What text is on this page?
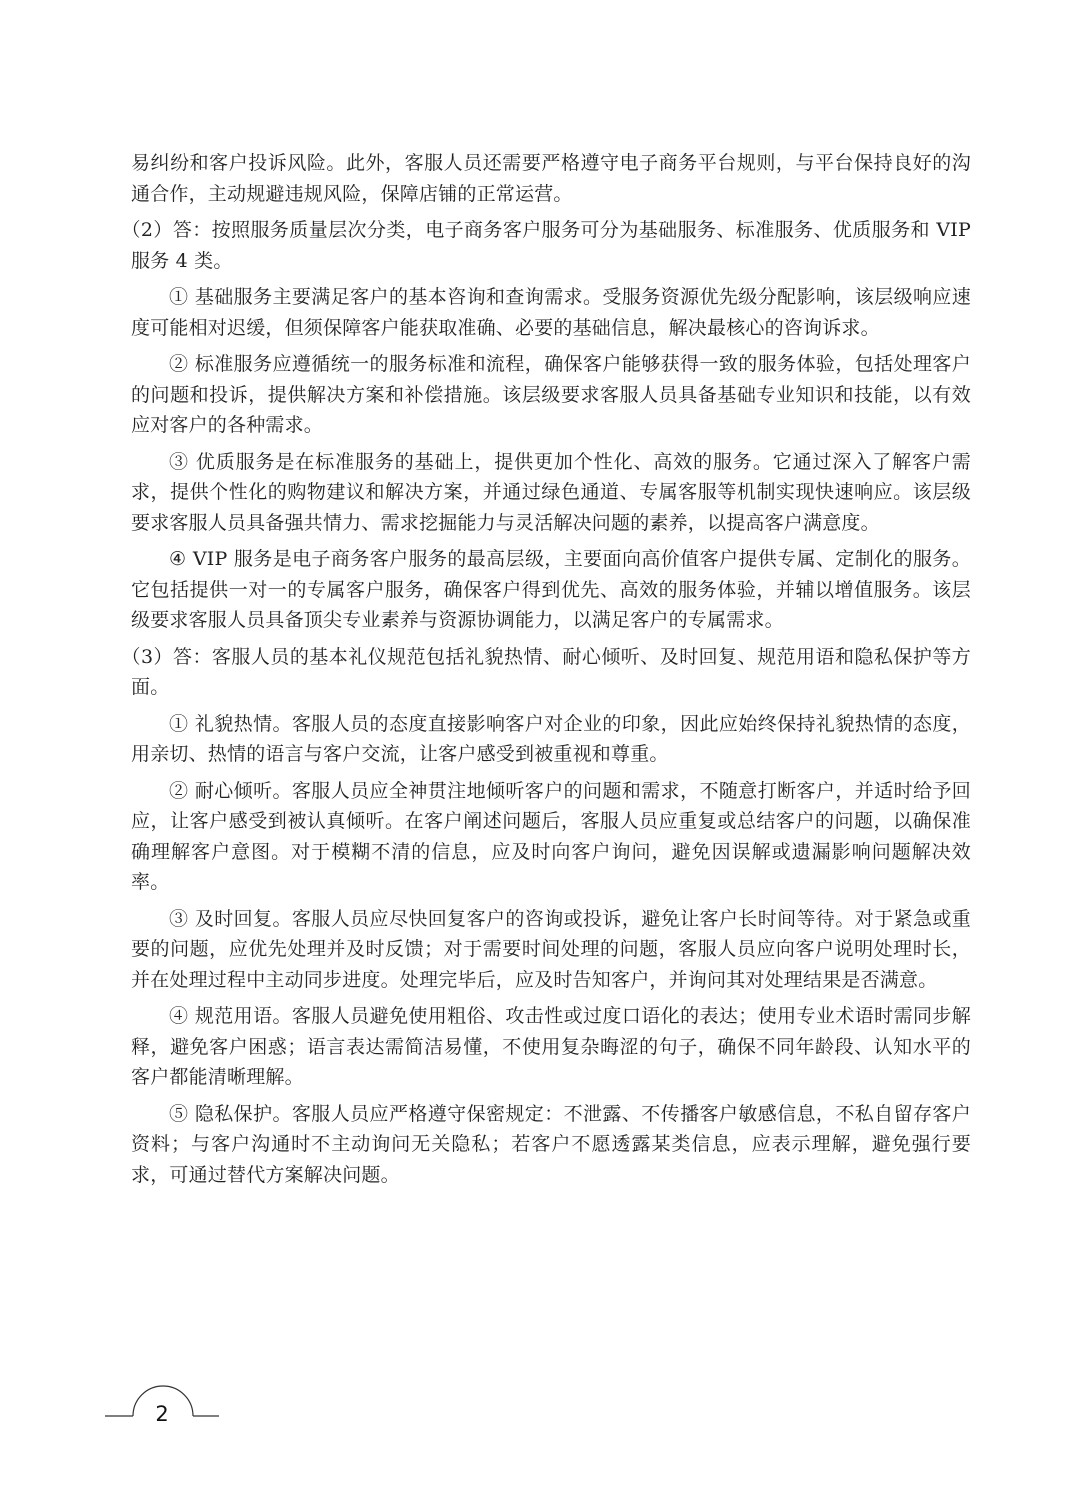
易纠纷和客户投诉风险。此外，客服人员还需要严格遵守电子商务平台规则，与平台保持良好的沟通合作，主动规避违规风险，保障店铺的正常运营。

（2）答：按照服务质量层次分类，电子商务客户服务可分为基础服务、标准服务、优质服务和 VIP 服务 4 类。

① 基础服务主要满足客户的基本咨询和查询需求。受服务资源优先级分配影响，该层级响应速度可能相对迟缓，但须保障客户能获取准确、必要的基础信息，解决最核心的咨询诉求。

② 标准服务应遵循统一的服务标准和流程，确保客户能够获得一致的服务体验，包括处理客户的问题和投诉，提供解决方案和补偿措施。该层级要求客服人员具备基础专业知识和技能，以有效应对客户的各种需求。

③ 优质服务是在标准服务的基础上，提供更加个性化、高效的服务。它通过深入了解客户需求，提供个性化的购物建议和解决方案，并通过绿色通道、专属客服等机制实现快速响应。该层级要求客服人员具备强共情力、需求挖掘能力与灵活解决问题的素养，以提高客户满意度。

④ VIP 服务是电子商务客户服务的最高层级，主要面向高价值客户提供专属、定制化的服务。它包括提供一对一的专属客户服务，确保客户得到优先、高效的服务体验，并辅以增值服务。该层级要求客服人员具备顶尖专业素养与资源协调能力，以满足客户的专属需求。

（3）答：客服人员的基本礼仪规范包括礼貌热情、耐心倾听、及时回复、规范用语和隐私保护等方面。

① 礼貌热情。客服人员的态度直接影响客户对企业的印象，因此应始终保持礼貌热情的态度，用亲切、热情的语言与客户交流，让客户感受到被重视和尊重。

② 耐心倾听。客服人员应全神贯注地倾听客户的问题和需求，不随意打断客户，并适时给予回应，让客户感受到被认真倾听。在客户阐述问题后，客服人员应重复或总结客户的问题，以确保准确理解客户意图。对于模糊不清的信息，应及时向客户询问，避免因误解或遗漏影响问题解决效率。

③ 及时回复。客服人员应尽快回复客户的咨询或投诉，避免让客户长时间等待。对于紧急或重要的问题，应优先处理并及时反馈；对于需要时间处理的问题，客服人员应向客户说明处理时长，并在处理过程中主动同步进度。处理完毕后，应及时告知客户，并询问其对处理结果是否满意。

④ 规范用语。客服人员避免使用粗俗、攻击性或过度口语化的表达；使用专业术语时需同步解释，避免客户困惑；语言表达需简洁易懂，不使用复杂晦涩的句子，确保不同年龄段、认知水平的客户都能清晰理解。

⑤ 隐私保护。客服人员应严格遵守保密规定：不泄露、不传播客户敏感信息，不私自留存客户资料；与客户沟通时不主动询问无关隐私；若客户不愿透露某类信息，应表示理解，避免强行要求，可通过替代方案解决问题。

2
